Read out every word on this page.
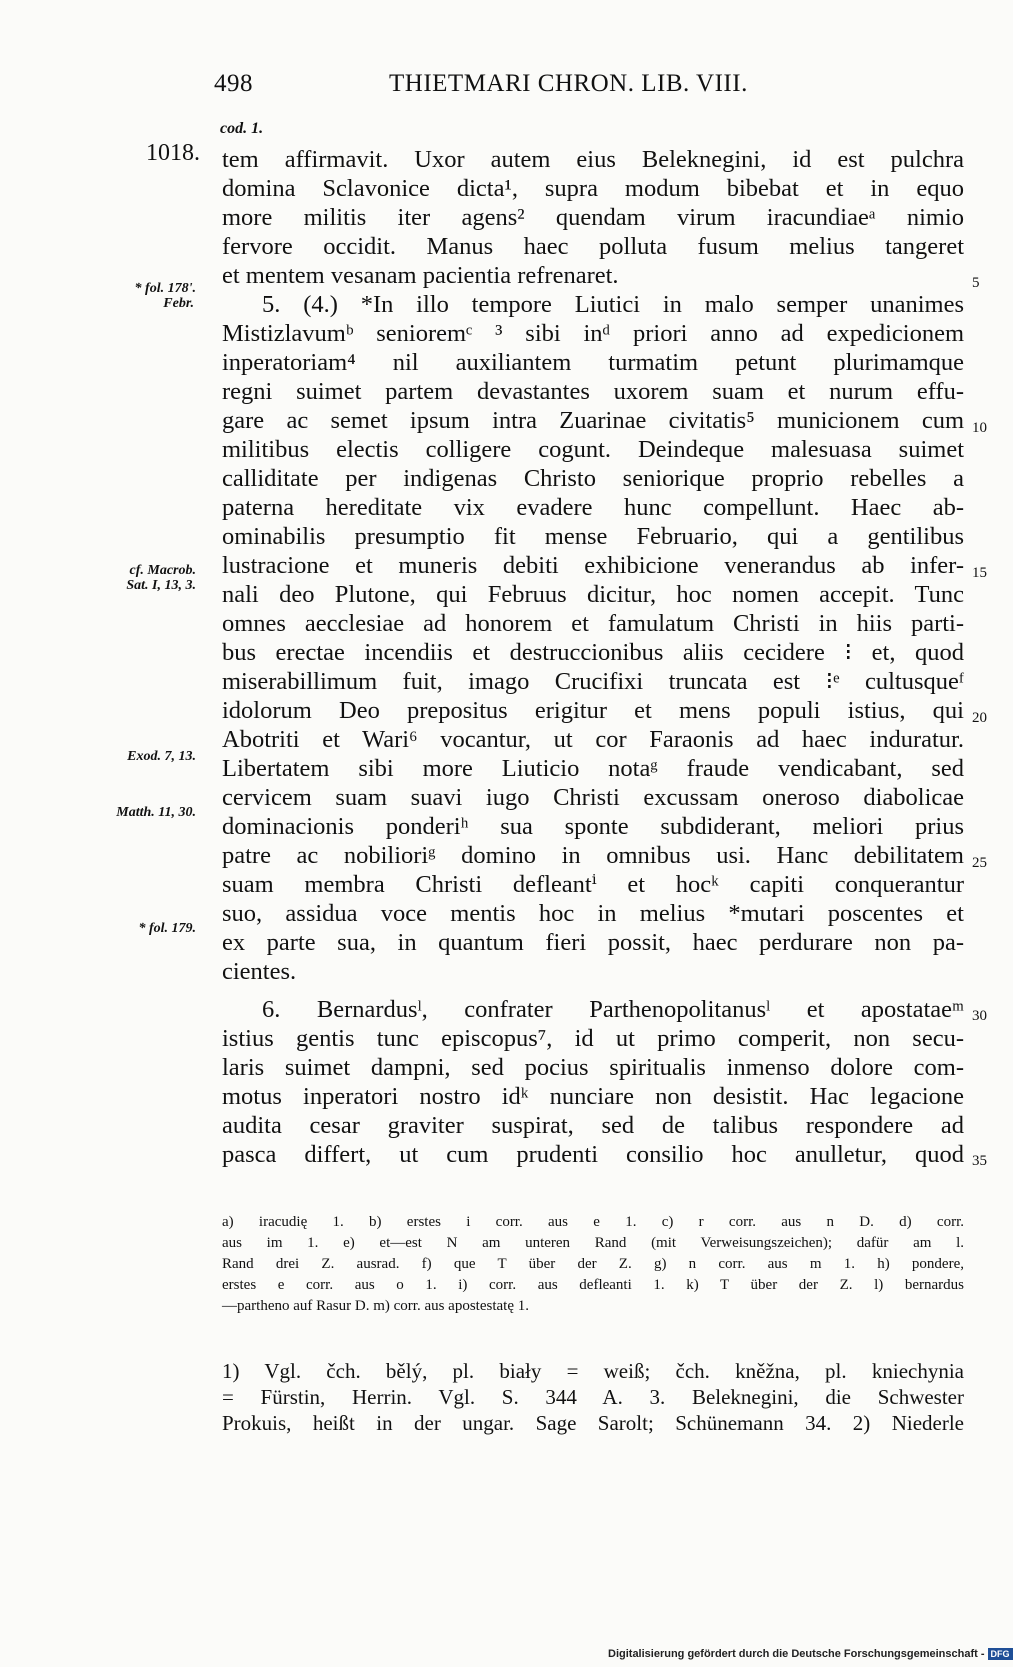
498	THIETMARI CHRON. LIB. VIII.
cod. 1.
1018.
* fol. 178'.
Febr.
cf. Macrob.
Sat. I, 13, 3.
Exod. 7, 13.
Matth. 11, 30.
* fol. 179.
5
10
15
20
25
30
35
tem affirmavit. Uxor autem eius Beleknegini, id est pulchra
domina Sclavonice dicta¹, supra modum bibebat et in equo
more militis iter agens² quendam virum iracundiaeᵃ nimio
fervore occidit. Manus haec polluta fusum melius tangeret
et mentem vesanam pacientia refrenaret.
5. (4.) *In illo tempore Liutici in malo semper unanimes
Mistizlavumᵇ senioremᶜ ³ sibi inᵈ priori anno ad expedicionem
inperatoriam⁴ nil auxiliantem turmatim petunt plurimamque
regni suimet partem devastantes uxorem suam et nurum effu-
gare ac semet ipsum intra Zuarinae civitatis⁵ municionem cum
militibus electis colligere cogunt. Deindeque malesuasa suimet
calliditate per indigenas Christo seniorique proprio rebelles a
paterna hereditate vix evadere hunc compellunt. Haec ab-
ominabilis presumptio fit mense Februario, qui a gentilibus
lustracione et muneris debiti exhibicione venerandus ab infer-
nali deo Plutone, qui Februus dicitur, hoc nomen accepit. Tunc
omnes aecclesiae ad honorem et famulatum Christi in hiis parti-
bus erectae incendiis et destruccionibus aliis cecidere ⁝ et, quod
miserabillimum fuit, imago Crucifixi truncata est ⁝ᵉ cultusqueᶠ
idolorum Deo prepositus erigitur et mens populi istius, qui
Abotriti et Wari⁶ vocantur, ut cor Faraonis ad haec induratur.
Libertatem sibi more Liuticio notaᵍ fraude vendicabant, sed
cervicem suam suavi iugo Christi excussam oneroso diabolicae
dominacionis ponderiʰ sua sponte subdiderant, meliori prius
patre ac nobilioriᵍ domino in omnibus usi. Hanc debilitatem
suam membra Christi defleantⁱ et hocᵏ capiti conquerantur
suo, assidua voce mentis hoc in melius *mutari poscentes et
ex parte sua, in quantum fieri possit, haec perdurare non pa-
cientes.
6. Bernardusˡ, confrater Parthenopolitanusˡ et apostataeᵐ
istius gentis tunc episcopus⁷, id ut primo comperit, non secu-
laris suimet dampni, sed pocius spiritualis inmenso dolore com-
motus inperatori nostro idᵏ nunciare non desistit. Hac legacione
audita cesar graviter suspirat, sed de talibus respondere ad
pasca differt, ut cum prudenti consilio hoc anulletur, quod
a) iracudię 1. b) erstes i corr. aus e 1. c) r corr. aus n D. d) corr.
aus im 1. e) et—est N am unteren Rand (mit Verweisungszeichen); dafür am l.
Rand drei Z. ausrad. f) que T über der Z. g) n corr. aus m 1. h) pondere,
erstes e corr. aus o 1. i) corr. aus defleanti 1. k) T über der Z. l) bernardus
—partheno auf Rasur D. m) corr. aus apostestatę 1.
1) Vgl. čch. bělý, pl. biały = weiß; čch. kněžna, pl. kniechynia
= Fürstin, Herrin. Vgl. S. 344 A. 3. Beleknegini, die Schwester
Prokuis, heißt in der ungar. Sage Sarolt; Schünemann 34. 2) Niederle
Digitalisierung gefördert durch die Deutsche Forschungsgemeinschaft - DFG
